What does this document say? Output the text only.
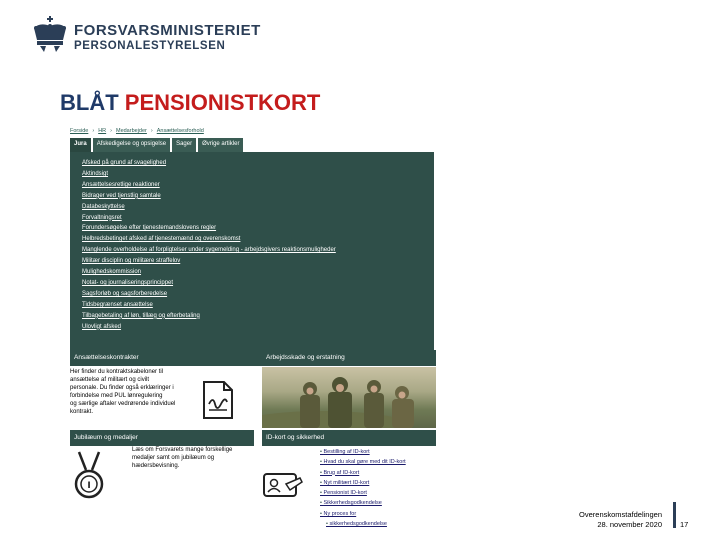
FORSVARSMINISTERIET
PERSONALESTYRELSEN
BLÅT PENSIONISTKORT
Forside › HR › Medarbejder › Ansættelsesforhold
Jura	Afskedigelse og opsigelse	Sager	Øvrige artikler
Afsked på grund af svagelighed
Aktindsigt
Ansættelsesretlige reaktioner
Bidrager ved tjenstlig samtale
Databeskyttelse
Forvaltningsret
Forundersøgelse efter tjenestemandslovens regler
Helbredsbetinget afsked af tjenestemænd og overenskomst
Manglende overholdelse af forpligtelser under sygemelding - arbejdsgivers reaktionsmuligheder
Militær disciplin og militære straffelov
Mulighedskommission
Notat- og journaliseringsprincippet
Sagsforløb og sagsforberedelse
Tidsbegrænset ansættelse
Tilbagebetaling af løn, tillæg og efterbetaling
Ulovligt afsked
Ansættelseskontrakter
Her finder du kontraktskabeloner til
ansættelse af militært og civilt
personale. Du finder også erklæringer i
forbindelse med PUL lønregulering
og særlige aftaler vedrørende individuel
kontrakt.
Arbejdsskade og erstatning
Jubilæum og medaljer
I
Læs om Forsvarets mange forskellige
medaljer samt om jubilæum og
hædersbevisning.
ID-kort og sikkerhed
• Bestilling af ID-kort
• Hvad du skal gøre med dit ID-kort
• Brug af ID-kort
• Nyt militært ID-kort
• Pensionist ID-kort
• Sikkerhedsgodkendelse
• Ny proces for
• sikkerhedsgodkendelse
Overenskomstafdelingen
28. november 2020 17
